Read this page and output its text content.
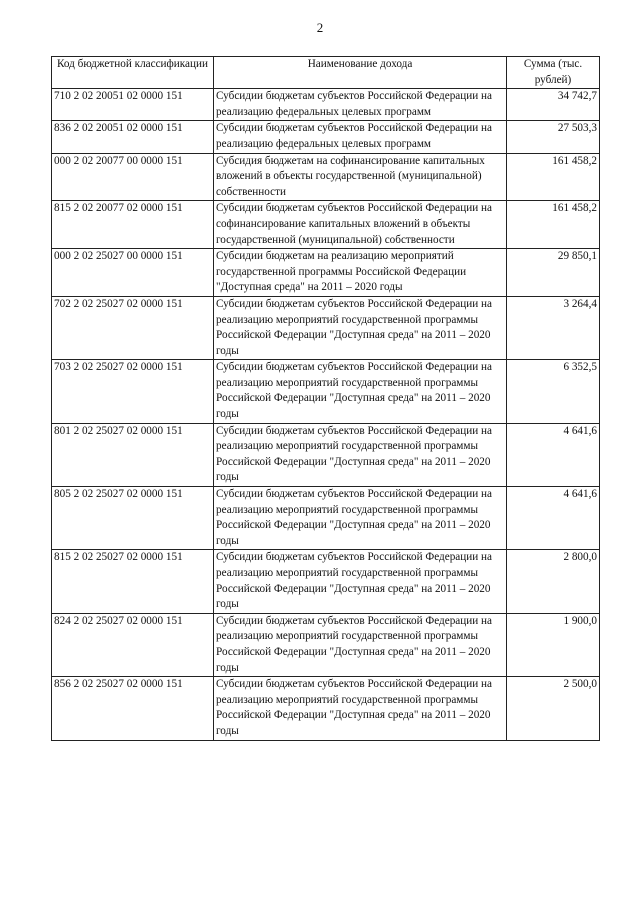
2
Код бюджетной классификации	Наименование дохода	Сумма (тыс. рублей)
710 2 02 20051 02 0000 151	Субсидии бюджетам субъектов Российской Федерации на реализацию федеральных целевых программ	34 742,7
836 2 02 20051 02 0000 151	Субсидии бюджетам субъектов Российской Федерации на реализацию федеральных целевых программ	27 503,3
000 2 02 20077 00 0000 151	Субсидия бюджетам на софинансирование капитальных вложений в объекты государственной (муниципальной) собственности	161 458,2
815 2 02 20077 02 0000 151	Субсидии бюджетам субъектов Российской Федерации на софинансирование капитальных вложений в объекты государственной (муниципальной) собственности	161 458,2
000 2 02 25027 00 0000 151	Субсидии бюджетам на реализацию мероприятий государственной программы Российской Федерации "Доступная среда" на 2011 – 2020 годы	29 850,1
702 2 02 25027 02 0000 151	Субсидии бюджетам субъектов Российской Федерации на реализацию мероприятий государственной программы Российской Федерации "Доступная среда" на 2011 – 2020 годы	3 264,4
703 2 02 25027 02 0000 151	Субсидии бюджетам субъектов Российской Федерации на реализацию мероприятий государственной программы Российской Федерации "Доступная среда" на 2011 – 2020 годы	6 352,5
801 2 02 25027 02 0000 151	Субсидии бюджетам субъектов Российской Федерации на реализацию мероприятий государственной программы Российской Федерации "Доступная среда" на 2011 – 2020 годы	4 641,6
805 2 02 25027 02 0000 151	Субсидии бюджетам субъектов Российской Федерации на реализацию мероприятий государственной программы Российской Федерации "Доступная среда" на 2011 – 2020 годы	4 641,6
815 2 02 25027 02 0000 151	Субсидии бюджетам субъектов Российской Федерации на реализацию мероприятий государственной программы Российской Федерации "Доступная среда" на 2011 – 2020 годы	2 800,0
824 2 02 25027 02 0000 151	Субсидии бюджетам субъектов Российской Федерации на реализацию мероприятий государственной программы Российской Федерации "Доступная среда" на 2011 – 2020 годы	1 900,0
856 2 02 25027 02 0000 151	Субсидии бюджетам субъектов Российской Федерации на реализацию мероприятий государственной программы Российской Федерации "Доступная среда" на 2011 – 2020 годы	2 500,0
